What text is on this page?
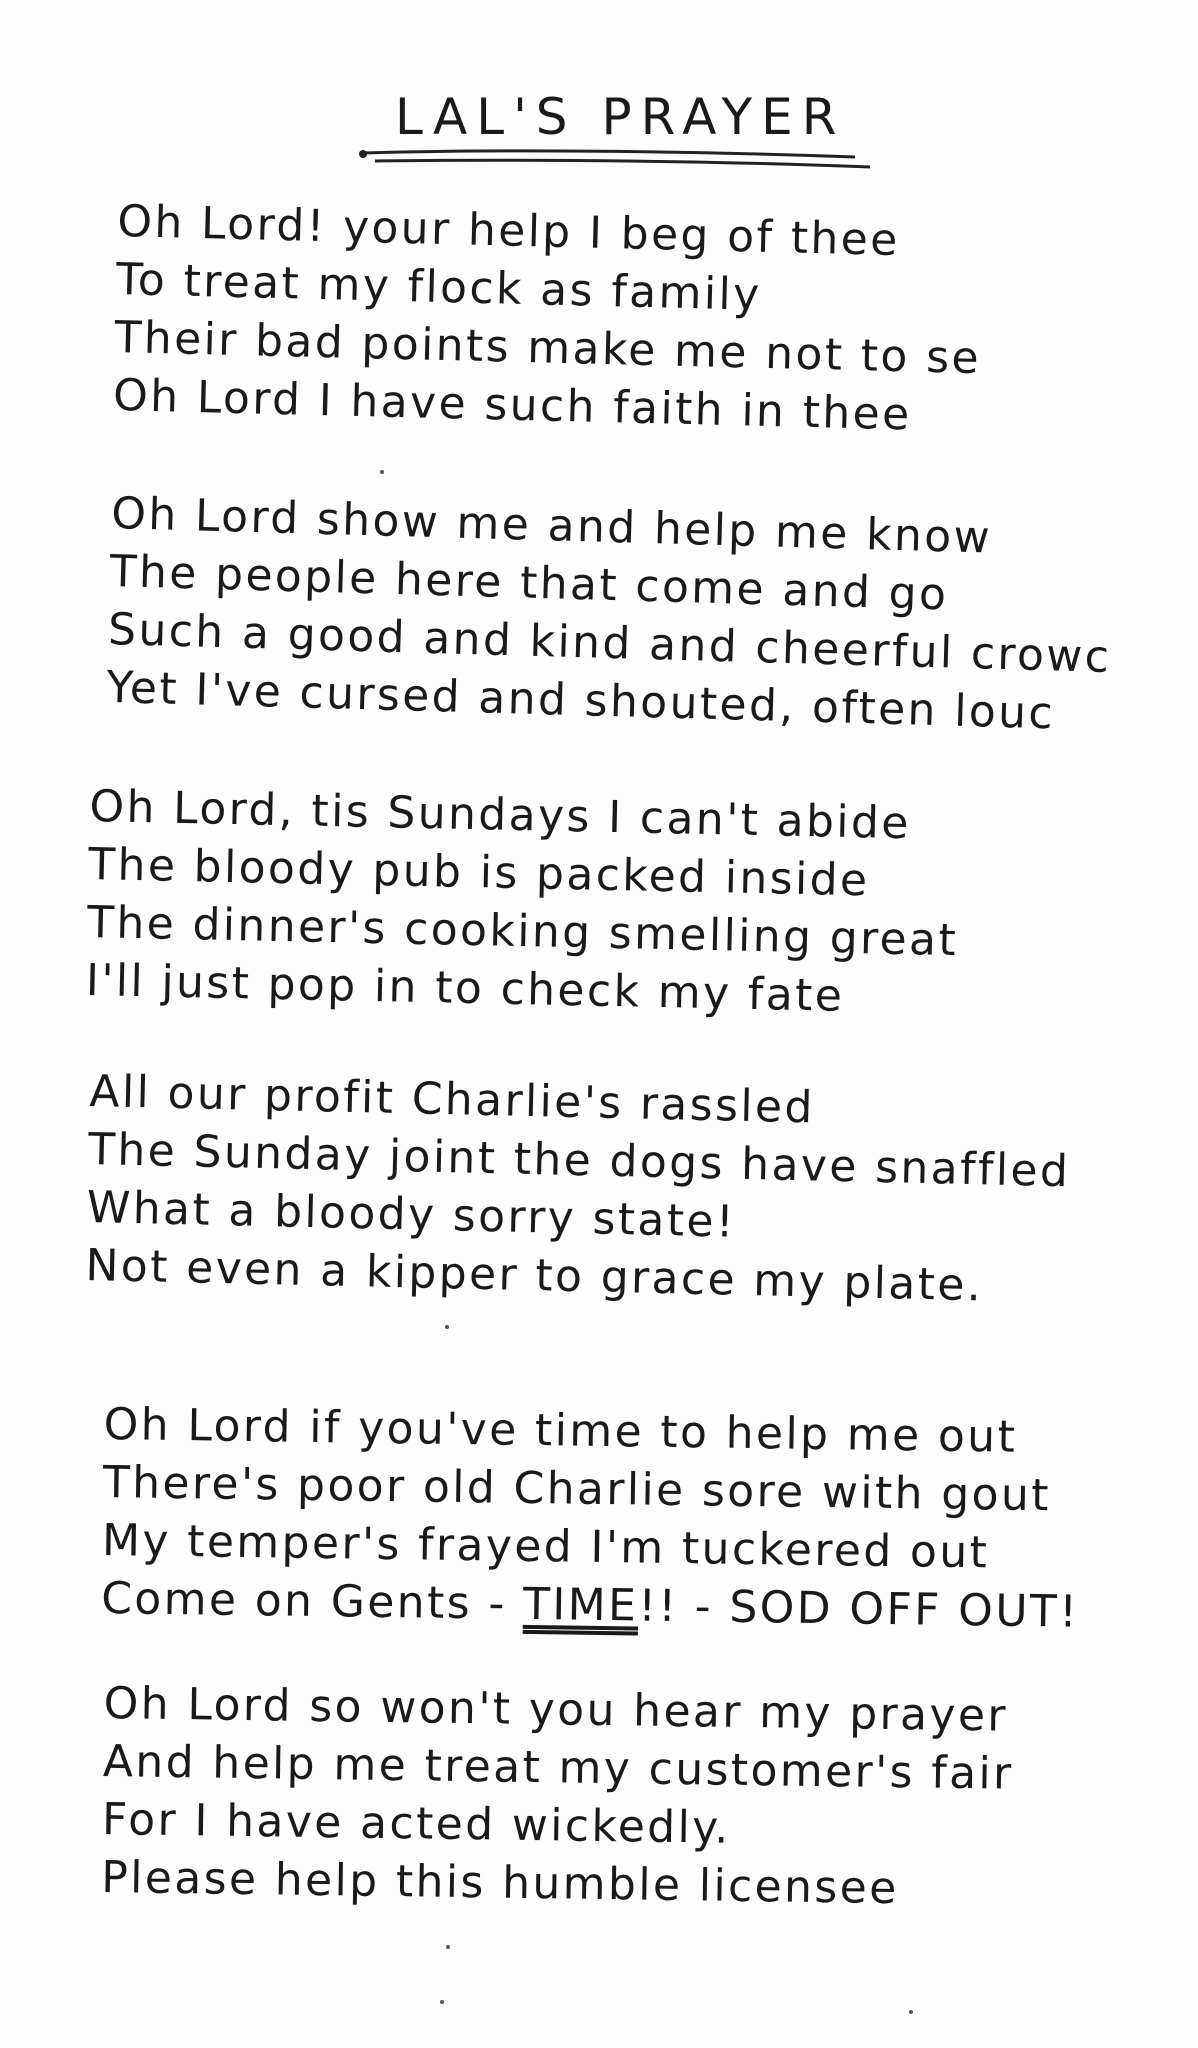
LAL'S PRAYER
Oh Lord! your help I beg of thee
To treat my flock as family
Their bad points make me not to se
Oh Lord I have such faith in thee
Oh Lord show me and help me know
The people here that come and go
Such a good and kind and cheerful crowc
Yet I've cursed and shouted, often louc
Oh Lord, tis Sundays I can't abide
The bloody pub is packed inside
The dinner's cooking smelling great
I'll just pop in to check my fate
All our profit Charlie's rassled
The Sunday joint the dogs have snaffled
What a bloody sorry state!
Not even a kipper to grace my plate.
Oh Lord if you've time to help me out
There's poor old Charlie sore with gout
My temper's frayed I'm tuckered out
Come on Gents - TIME!! - SOD OFF OUT!
Oh Lord so won't you hear my prayer
And help me treat my customer's fair
For I have acted wickedly.
Please help this humble licensee
